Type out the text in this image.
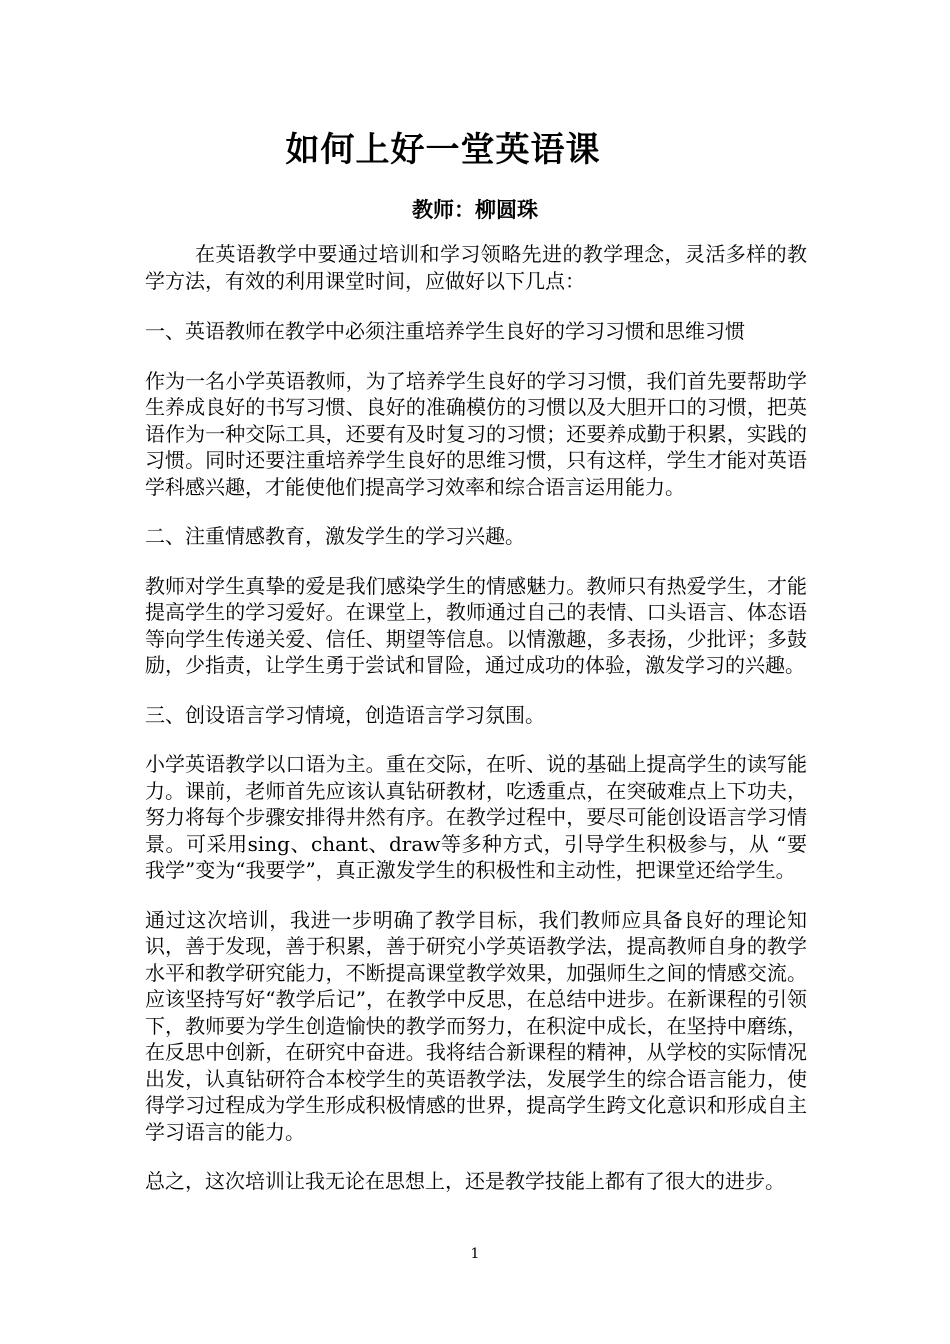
如何上好一堂英语课
教师：柳圆珠

在英语教学中要通过培训和学习领略先进的教学理念，灵活多样的教学方法，有效的利用课堂时间，应做好以下几点：

一、英语教师在教学中必须注重培养学生良好的学习习惯和思维习惯

作为一名小学英语教师，为了培养学生良好的学习习惯，我们首先要帮助学生养成良好的书写习惯、良好的准确模仿的习惯以及大胆开口的习惯，把英语作为一种交际工具，还要有及时复习的习惯；还要养成勤于积累，实践的习惯。同时还要注重培养学生良好的思维习惯，只有这样，学生才能对英语学科感兴趣，才能使他们提高学习效率和综合语言运用能力。

二、注重情感教育，激发学生的学习兴趣。

教师对学生真挚的爱是我们感染学生的情感魅力。教师只有热爱学生，才能提高学生的学习爱好。在课堂上，教师通过自己的表情、口头语言、体态语等向学生传递关爱、信任、期望等信息。以情激趣，多表扬，少批评；多鼓励，少指责，让学生勇于尝试和冒险，通过成功的体验，激发学习的兴趣。

三、创设语言学习情境，创造语言学习氛围。

小学英语教学以口语为主。重在交际，在听、说的基础上提高学生的读写能力。课前，老师首先应该认真钻研教材，吃透重点，在突破难点上下功夫，努力将每个步骤安排得井然有序。在教学过程中，要尽可能创设语言学习情景。可采用sing、chant、draw等多种方式，引导学生积极参与，从 “要我学”变为“我要学”，真正激发学生的积极性和主动性，把课堂还给学生。

通过这次培训，我进一步明确了教学目标，我们教师应具备良好的理论知识，善于发现，善于积累，善于研究小学英语教学法，提高教师自身的教学水平和教学研究能力，不断提高课堂教学效果，加强师生之间的情感交流。应该坚持写好“教学后记”，在教学中反思，在总结中进步。在新课程的引领下，教师要为学生创造愉快的教学而努力，在积淀中成长，在坚持中磨练，在反思中创新，在研究中奋进。我将结合新课程的精神，从学校的实际情况出发，认真钻研符合本校学生的英语教学法，发展学生的综合语言能力，使得学习过程成为学生形成积极情感的世界，提高学生跨文化意识和形成自主学习语言的能力。

总之，这次培训让我无论在思想上，还是教学技能上都有了很大的进步。

1
